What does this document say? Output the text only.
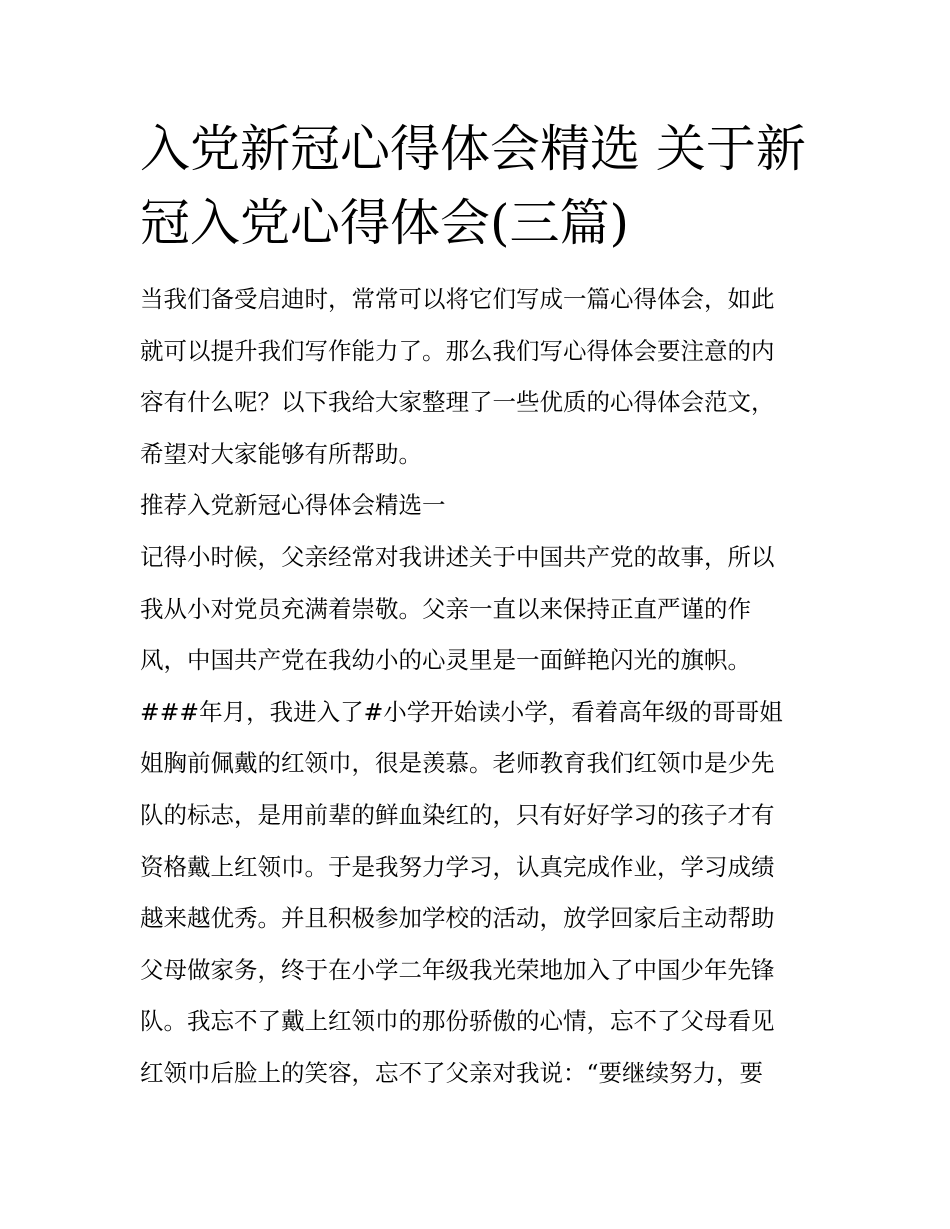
入党新冠心得体会精选 关于新
冠入党心得体会(三篇)
当我们备受启迪时，常常可以将它们写成一篇心得体会，如此
就可以提升我们写作能力了。那么我们写心得体会要注意的内
容有什么呢？以下我给大家整理了一些优质的心得体会范文，
希望对大家能够有所帮助。
推荐入党新冠心得体会精选一
记得小时候，父亲经常对我讲述关于中国共产党的故事，所以
我从小对党员充满着崇敬。父亲一直以来保持正直严谨的作
风，中国共产党在我幼小的心灵里是一面鲜艳闪光的旗帜。
###年月，我进入了#小学开始读小学，看着高年级的哥哥姐
姐胸前佩戴的红领巾，很是羡慕。老师教育我们红领巾是少先
队的标志，是用前辈的鲜血染红的，只有好好学习的孩子才有
资格戴上红领巾。于是我努力学习，认真完成作业，学习成绩
越来越优秀。并且积极参加学校的活动，放学回家后主动帮助
父母做家务，终于在小学二年级我光荣地加入了中国少年先锋
队。我忘不了戴上红领巾的那份骄傲的心情，忘不了父母看见
红领巾后脸上的笑容，忘不了父亲对我说：“要继续努力，要
